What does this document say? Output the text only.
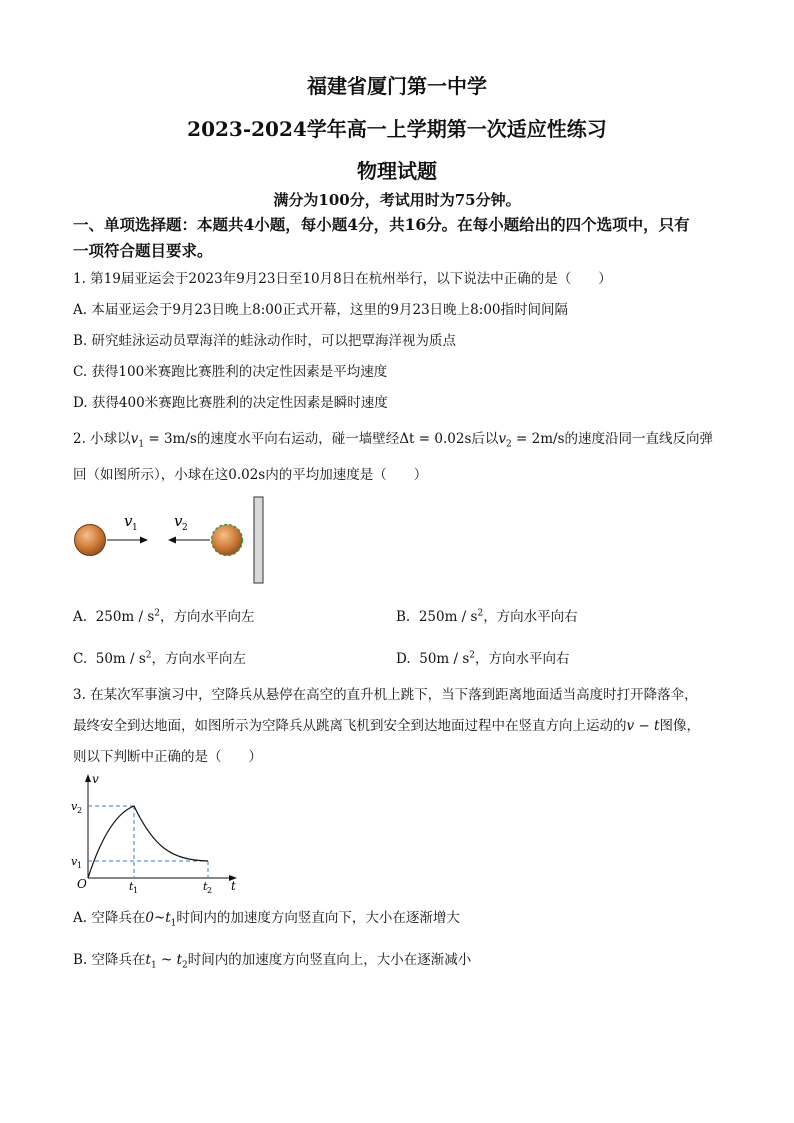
福建省厦门第一中学
2023-2024学年高一上学期第一次适应性练习
物理试题
满分为100分，考试用时为75分钟。
一、单项选择题：本题共4小题，每小题4分，共16分。在每小题给出的四个选项中，只有
一项符合题目要求。
1. 第19届亚运会于2023年9月23日至10月8日在杭州举行，以下说法中正确的是（　　）
A. 本届亚运会于9月23日晚上8:00正式开幕，这里的9月23日晚上8:00指时间间隔
B. 研究蛙泳运动员覃海洋的蛙泳动作时，可以把覃海洋视为质点
C. 获得100米赛跑比赛胜利的决定性因素是平均速度
D. 获得400米赛跑比赛胜利的决定性因素是瞬时速度
2. 小球以$v_1 = 3m/s$的速度水平向右运动，碰一墙壁经Δt = 0.02s后以$v_2 = 2m/s$的速度沿同一直线反向弹
回（如图所示），小球在这0.02s内的平均加速度是（　　）
v 1 v 2
A. $250m / s^2$，方向水平向左	B. $250m / s^2$，方向水平向右
C. $50m / s^2$，方向水平向左	D. $50m / s^2$，方向水平向右
3. 在某次军事演习中，空降兵从悬停在高空的直升机上跳下，当下落到距离地面适当高度时打开降落伞，
最终安全到达地面，如图所示为空降兵从跳离飞机到安全到达地面过程中在竖直方向上运动的v − t图像，
则以下判断中正确的是（　　）
v
t
O
v 2
v 1
t 1	t 2
A. 空降兵在$0\sim t_1$时间内的加速度方向竖直向下，大小在逐渐增大
B. 空降兵在$t_1$ ~ $t_2$时间内的加速度方向竖直向上，大小在逐渐减小
